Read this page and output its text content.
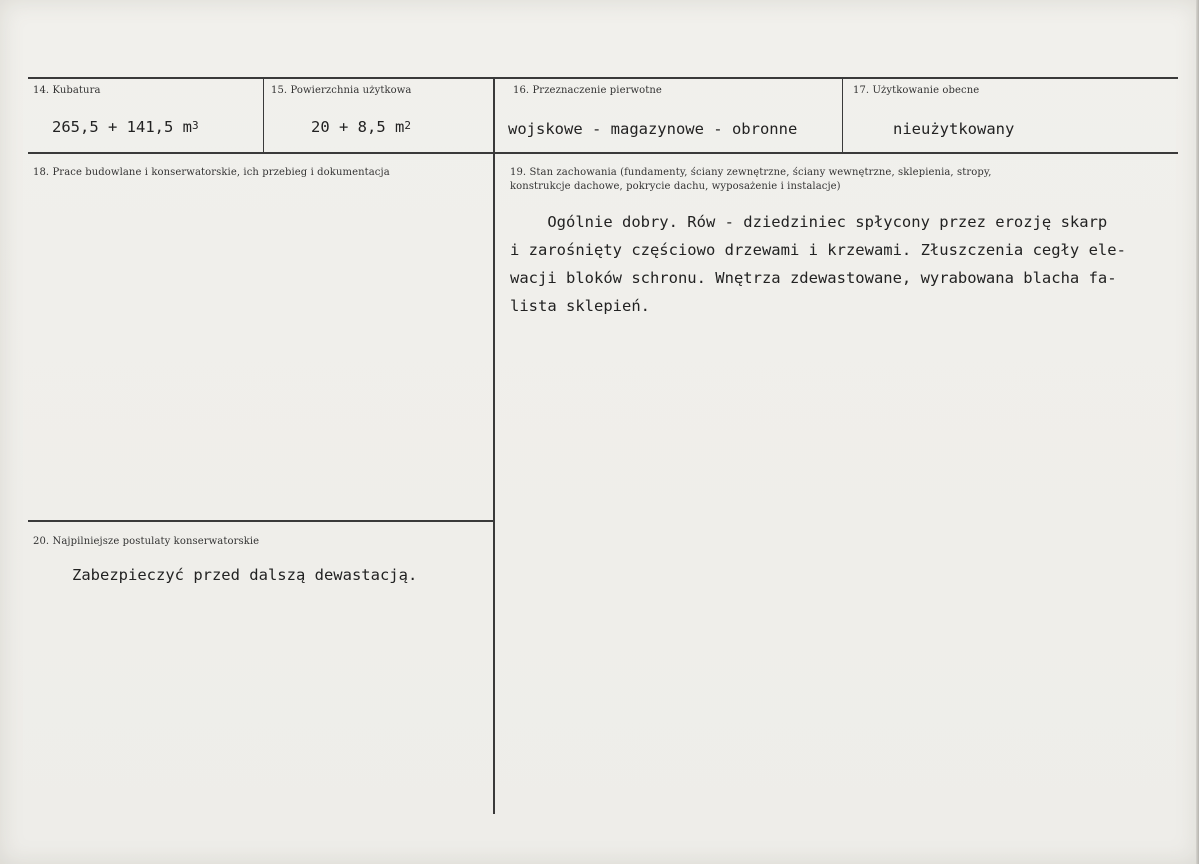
14. Kubatura
265,5 + 141,5 $m^3$
15. Powierzchnia użytkowa
20 + 8,5 $m^2$
16. Przeznaczenie pierwotne
wojskowe - magazynowe - obronne
17. Użytkowanie obecne
nieużytkowany
18. Prace budowlane i konserwatorskie, ich przebieg i dokumentacja	19. Stan zachowania (fundamenty, ściany zewnętrzne, ściany wewnętrzne, sklepienia, stropy,
konstrukcje dachowe, pokrycie dachu, wyposażenie i instalacje)
Ogólnie dobry. Rów - dziedziniec spłycony przez erozję skarp
i zarośnięty częściowo drzewami i krzewami. Złuszczenia cegły ele-
wacji bloków schronu. Wnętrza zdewastowane, wyrabowana blacha fa-
lista sklepień.
20. Najpilniejsze postulaty konserwatorskie
Zabezpieczyć przed dalszą dewastacją.
